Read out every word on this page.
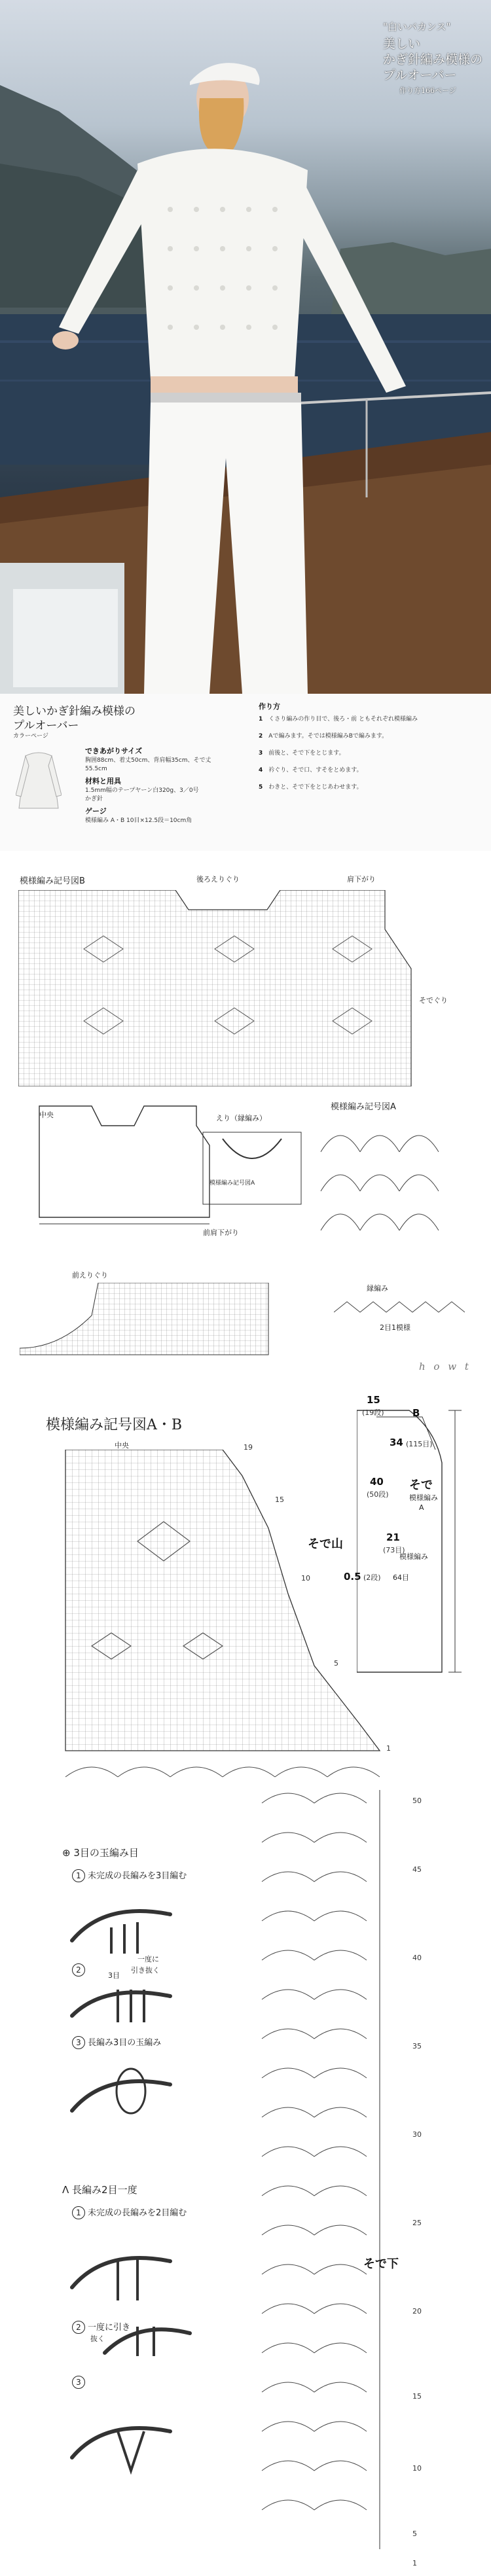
"白いバカンス"
美しい
かぎ針編み模様の
プルオーバー
作り方166ページ
美しいかぎ針編み模様の
プルオーバー
カラーページ
できあがりサイズ
胸囲88cm、着丈50cm、背肩幅35cm、そで丈
55.5cm
材料と用具
1.5mm幅のテープヤーン白320g、3／0号
かぎ針
ゲージ
模様編み A・B 10目×12.5段＝10cm角
作り方
1　 くさり編みの作り目で、後ろ・前 ともそれぞれ模様編み
2　 Aで編みます。そでは模様編みBで編みます。
3　 前後と、そで下をとじます。
4　 衿ぐり、そで口、すそをとめます。
5　 わきと、そで下をとじあわせます。
模様編み記号図B	後ろえりぐり	肩下がり
そでぐり
中央	えり（縁編み）
模様編み記号図A
前肩下がり
模様編み記号図A
前えりぐり
縁編み
2目1模様
h o w t
模様編み記号図A・B
中央	19
15
10
5
1
15
(19段)	B
34 (115目)
40
(50段)
そで
模様編み
A
そで山	21
(73目)
模様編み
0.5 (2段) 64目
50
45
40
35
30
25
そで下
20
15
10
5
1
⊕ 3目の玉編み目
1 未完成の長編みを3目編む
2
一度に
引き抜く
3目
3 長編み3目の玉編み
Λ 長編み2目一度
1 未完成の長編みを2目編む
2 一度に引き
抜く
3
